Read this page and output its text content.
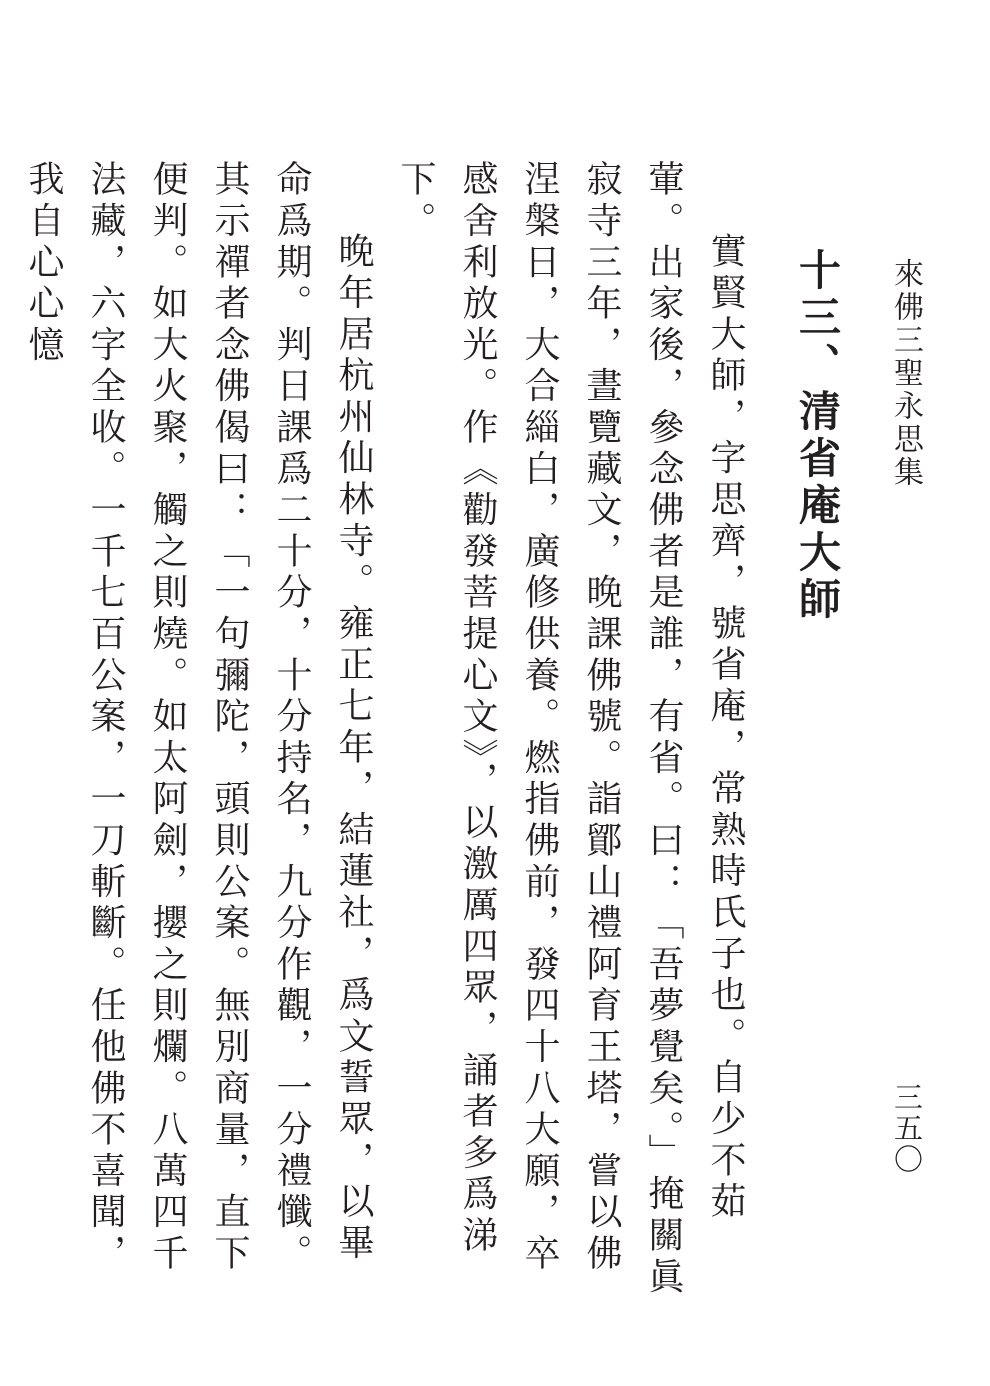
來佛三聖永思集
十三、清省庵大師

實賢大師，字思齊，號省庵，常熟時氏子也。自少不茹葷。出家後，參念佛者是誰，有省。曰：「吾夢覺矣。」掩關眞寂寺三年，晝覽藏文，晚課佛號。詣鄮山禮阿育王塔，嘗以佛涅槃日，大合緇白，廣修供養。燃指佛前，發四十八大願，卒感舍利放光。作《勸發菩提心文》，以激厲四眾，誦者多爲涕下。

晚年居杭州仙林寺。雍正七年，結蓮社，爲文誓眾，以畢命爲期。判日課爲二十分，十分持名，九分作觀，一分禮懺。其示禪者念佛偈曰：「一句彌陀，頭則公案。無別商量，直下便判。如大火聚，觸之則燒。如太阿劍，攖之則爛。八萬四千法藏，六字全收。一千七百公案，一刀斬斷。任他佛不喜聞，我自心心憶

三五〇
